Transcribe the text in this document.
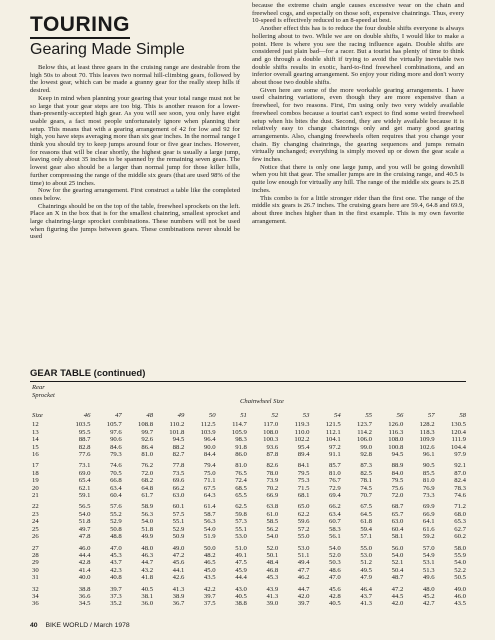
TOURING
Gearing Made Simple

Below this, at least three gears in the cruising range are desirable from the high 50s to about 70. This leaves two normal hill-climbing gears, followed by the lowest gear, which can be made a granny gear for the really steep hills if desired.

Keep in mind when planning your gearing that your total range must not be so large that your gear steps are too big. This is another reason for a lower-than-presently-accepted high gear. As you will see soon, you only have eight usable gears, a fact most people unfortunately ignore when planning their setup. This means that with a gearing arrangement of 42 for low and 92 for high, you have steps averaging more than six gear inches. In the normal range I think you should try to keep jumps around four or five gear inches. However, for reasons that will be clear shortly, the highest gear is usually a large jump, leaving only about 35 inches to be spanned by the remaining seven gears. The lowest gear also should be a larger than normal jump for those killer hills, further compressing the range of the middle six gears (that are used 98% of the time) to about 25 inches.

Now for the gearing arrangement. First construct a table like the completed ones below.

Chainrings should be on the top of the table, freewheel sprockets on the left. Place an X in the box that is for the smallest chainring, smallest sprocket and large chainring-large sprocket combinations. These numbers will not be used when figuring the jumps between gears. These combinations never should be used

because the extreme chain angle causes excessive wear on the chain and freewheel cogs, and especially on those soft, expensive chainrings. Thus, every 10-speed is effectively reduced to an 8-speed at best.

Another effect this has is to reduce the four double shifts everyone is always hollering about to two. While we are on double shifts, I would like to make a point. Here is where you see the racing influence again. Double shifts are considered just plain bad—for a racer. But a tourist has plenty of time to think and go through a double shift if trying to avoid the virtually inevitable two double shifts results in exotic, hard-to-find freewheel combinations, and an inferior overall gearing arrangement. So enjoy your riding more and don't worry about those two double shifts.

Given here are some of the more workable gearing arrangements. I have used chainring variations, even though they are more expensive than a freewheel, for two reasons. First, I'm using only two very widely available freewheel combos because a tourist can't expect to find some weird freewheel setup when his bites the dust. Second, they are widely available because it is relatively easy to change chainrings only and get many good gearing arrangements. Also, changing freewheels often requires that you change your chain. By changing chainrings, the gearing sequences and jumps remain virtually unchanged; everything is simply moved up or down the gear scale a few inches.

Notice that there is only one large jump, and you will be going downhill when you hit that gear. The smaller jumps are in the cruising range, and 40.5 is quite low enough for virtually any hill. The range of the middle six gears is 25.8 inches.

This combo is for a little stronger rider than the first one. The range of the middle six gears is 26.7 inches. The cruising gears here are 59.4, 64.8 and 69.9, about three inches higher than in the first example. This is my own favorite arrangement.

GEAR TABLE (continued)
Rear
Sprocket
Chainwheel Size
Size	46	47	48	49	50	51	52	53	54	55	56	57	58
12	103.5	105.7	108.8	110.2	112.5	114.7	117.0	119.3	121.5	123.7	126.0	128.2	130.5
13	95.5	97.6	99.7	101.8	103.9	105.9	108.0	110.0	112.1	114.2	116.3	118.3	120.4
14	88.7	90.6	92.6	94.5	96.4	98.3	100.3	102.2	104.1	106.0	108.0	109.9	111.9
15	82.8	84.6	86.4	88.2	90.0	91.8	93.6	95.4	97.2	99.0	100.8	102.6	104.4
16	77.6	79.3	81.0	82.7	84.4	86.0	87.8	89.4	91.1	92.8	94.5	96.1	97.9
17	73.1	74.6	76.2	77.8	79.4	81.0	82.6	84.1	85.7	87.3	88.9	90.5	92.1
18	69.0	70.5	72.0	73.5	75.0	76.5	78.0	79.5	81.0	82.5	84.0	85.5	87.0
19	65.4	66.8	68.2	69.6	71.1	72.4	73.9	75.3	76.7	78.1	79.5	81.0	82.4
20	62.1	63.4	64.8	66.2	67.5	68.5	70.2	71.5	72.9	74.5	75.6	76.9	78.3
21	59.1	60.4	61.7	63.0	64.3	65.5	66.9	68.1	69.4	70.7	72.0	73.3	74.6
22	56.5	57.6	58.9	60.1	61.4	62.5	63.8	65.0	66.2	67.5	68.7	69.9	71.2
23	54.0	55.2	56.3	57.5	58.7	59.8	61.0	62.2	63.4	64.5	65.7	66.9	68.0
24	51.8	52.9	54.0	55.1	56.3	57.3	58.5	59.6	60.7	61.8	63.0	64.1	65.3
25	49.7	50.8	51.8	52.9	54.0	55.1	56.2	57.2	58.3	59.4	60.4	61.6	62.7
26	47.8	48.8	49.9	50.9	51.9	53.0	54.0	55.0	56.1	57.1	58.1	59.2	60.2
27	46.0	47.0	48.0	49.0	50.0	51.0	52.0	53.0	54.0	55.0	56.0	57.0	58.0
28	44.4	45.3	46.3	47.2	48.2	49.1	50.1	51.1	52.0	53.0	54.0	54.9	55.9
29	42.8	43.7	44.7	45.6	46.5	47.5	48.4	49.4	50.3	51.2	52.1	53.1	54.0
30	41.4	42.3	43.2	44.1	45.0	45.9	46.8	47.7	48.6	49.5	50.4	51.3	52.2
31	40.0	40.8	41.8	42.6	43.5	44.4	45.3	46.2	47.0	47.9	48.7	49.6	50.5
32	38.8	39.7	40.5	41.3	42.2	43.0	43.9	44.7	45.6	46.4	47.2	48.0	49.0
34	36.6	37.3	38.1	38.9	39.7	40.5	41.3	42.0	42.8	43.7	44.5	45.2	46.0
36	34.5	35.2	36.0	36.7	37.5	38.8	39.0	39.7	40.5	41.3	42.0	42.7	43.5
40 BIKE WORLD / March 1978
